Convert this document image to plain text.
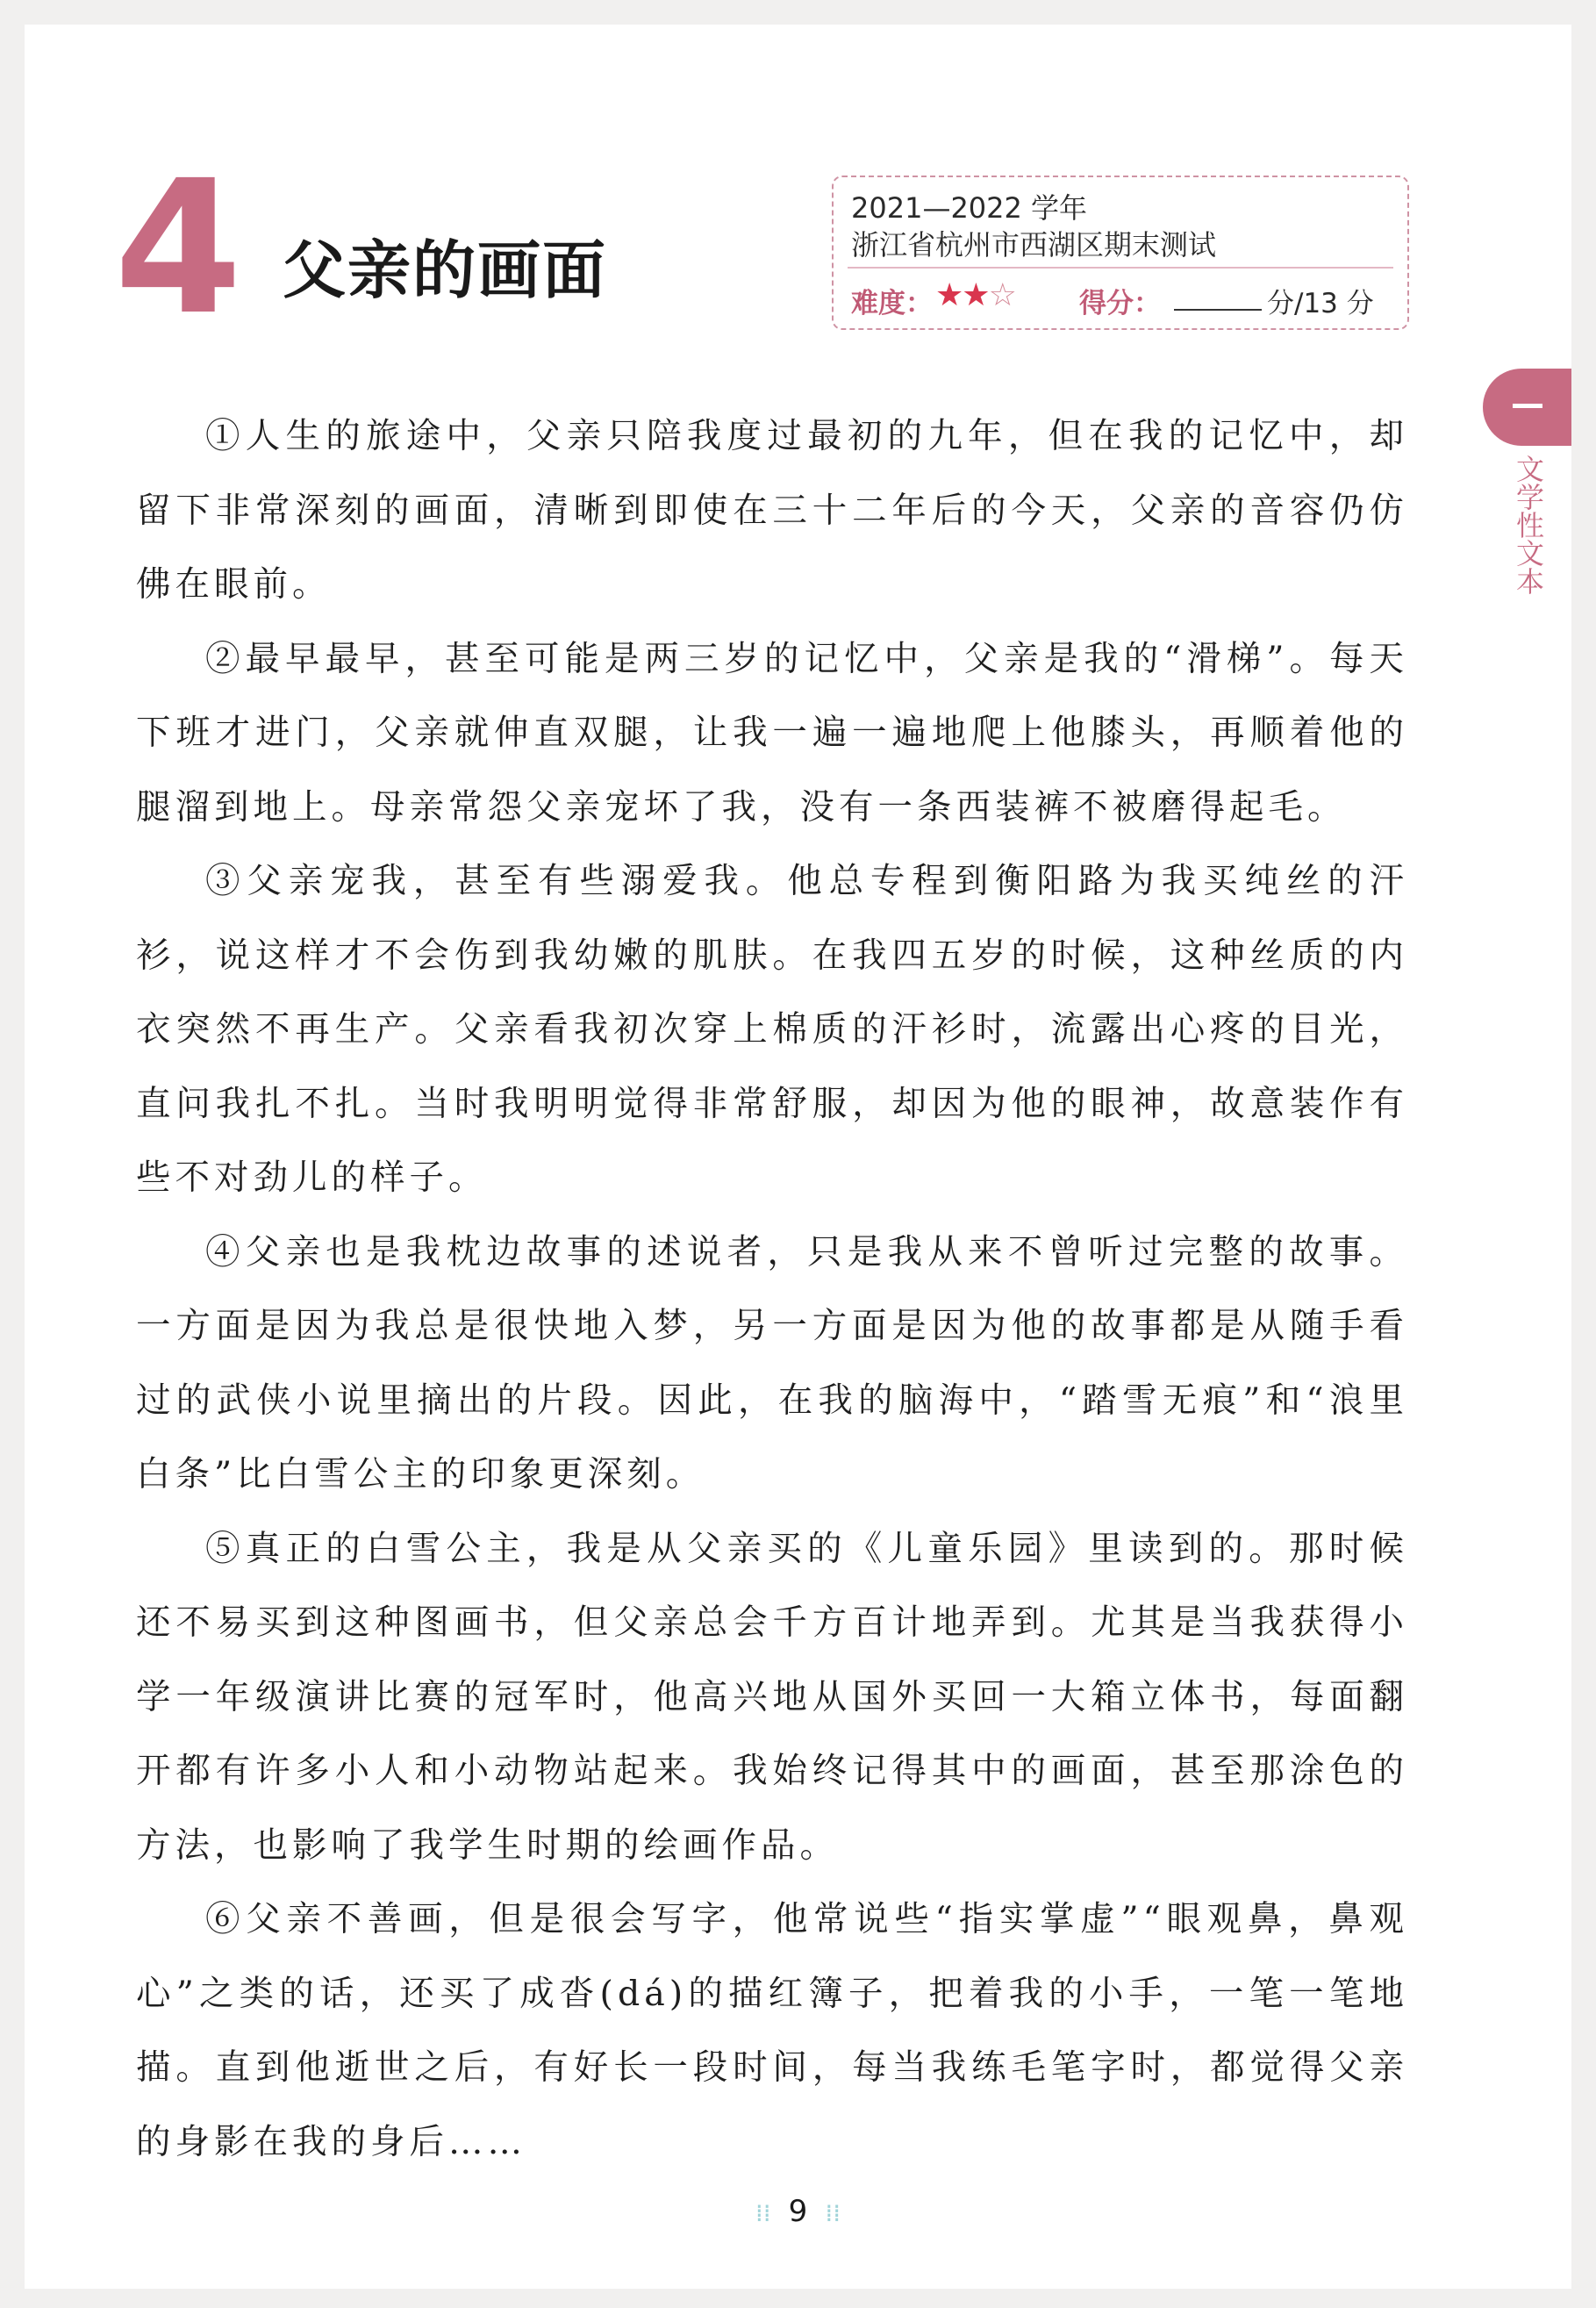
4 父亲的画面
2021—2022 学年
浙江省杭州市西湖区期末测试
难度： ★★☆ 得分：	分/13 分
文学性文本

①人生的旅途中，父亲只陪我度过最初的九年，但在我的记忆中，却留下非常深刻的画面，清晰到即使在三十二年后的今天，父亲的音容仍仿佛在眼前。

②最早最早，甚至可能是两三岁的记忆中，父亲是我的“滑梯”。每天下班才进门，父亲就伸直双腿，让我一遍一遍地爬上他膝头，再顺着他的腿溜到地上。母亲常怨父亲宠坏了我，没有一条西装裤不被磨得起毛。

③父亲宠我，甚至有些溺爱我。他总专程到衡阳路为我买纯丝的汗衫，说这样才不会伤到我幼嫩的肌肤。在我四五岁的时候，这种丝质的内衣突然不再生产。父亲看我初次穿上棉质的汗衫时，流露出心疼的目光，直问我扎不扎。当时我明明觉得非常舒服，却因为他的眼神，故意装作有些不对劲儿的样子。

④父亲也是我枕边故事的述说者，只是我从来不曾听过完整的故事。一方面是因为我总是很快地入梦，另一方面是因为他的故事都是从随手看过的武侠小说里摘出的片段。因此，在我的脑海中，“踏雪无痕”和“浪里白条”比白雪公主的印象更深刻。

⑤真正的白雪公主，我是从父亲买的《儿童乐园》里读到的。那时候还不易买到这种图画书，但父亲总会千方百计地弄到。尤其是当我获得小学一年级演讲比赛的冠军时，他高兴地从国外买回一大箱立体书，每面翻开都有许多小人和小动物站起来。我始终记得其中的画面，甚至那涂色的方法，也影响了我学生时期的绘画作品。

⑥父亲不善画，但是很会写字，他常说些“指实掌虚”“眼观鼻，鼻观心”之类的话，还买了成沓(dá)的描红簿子，把着我的小手，一笔一笔地描。直到他逝世之后，有好长一段时间，每当我练毛笔字时，都觉得父亲的身影在我的身后……

⁞⁞ 9 ⁞⁞
